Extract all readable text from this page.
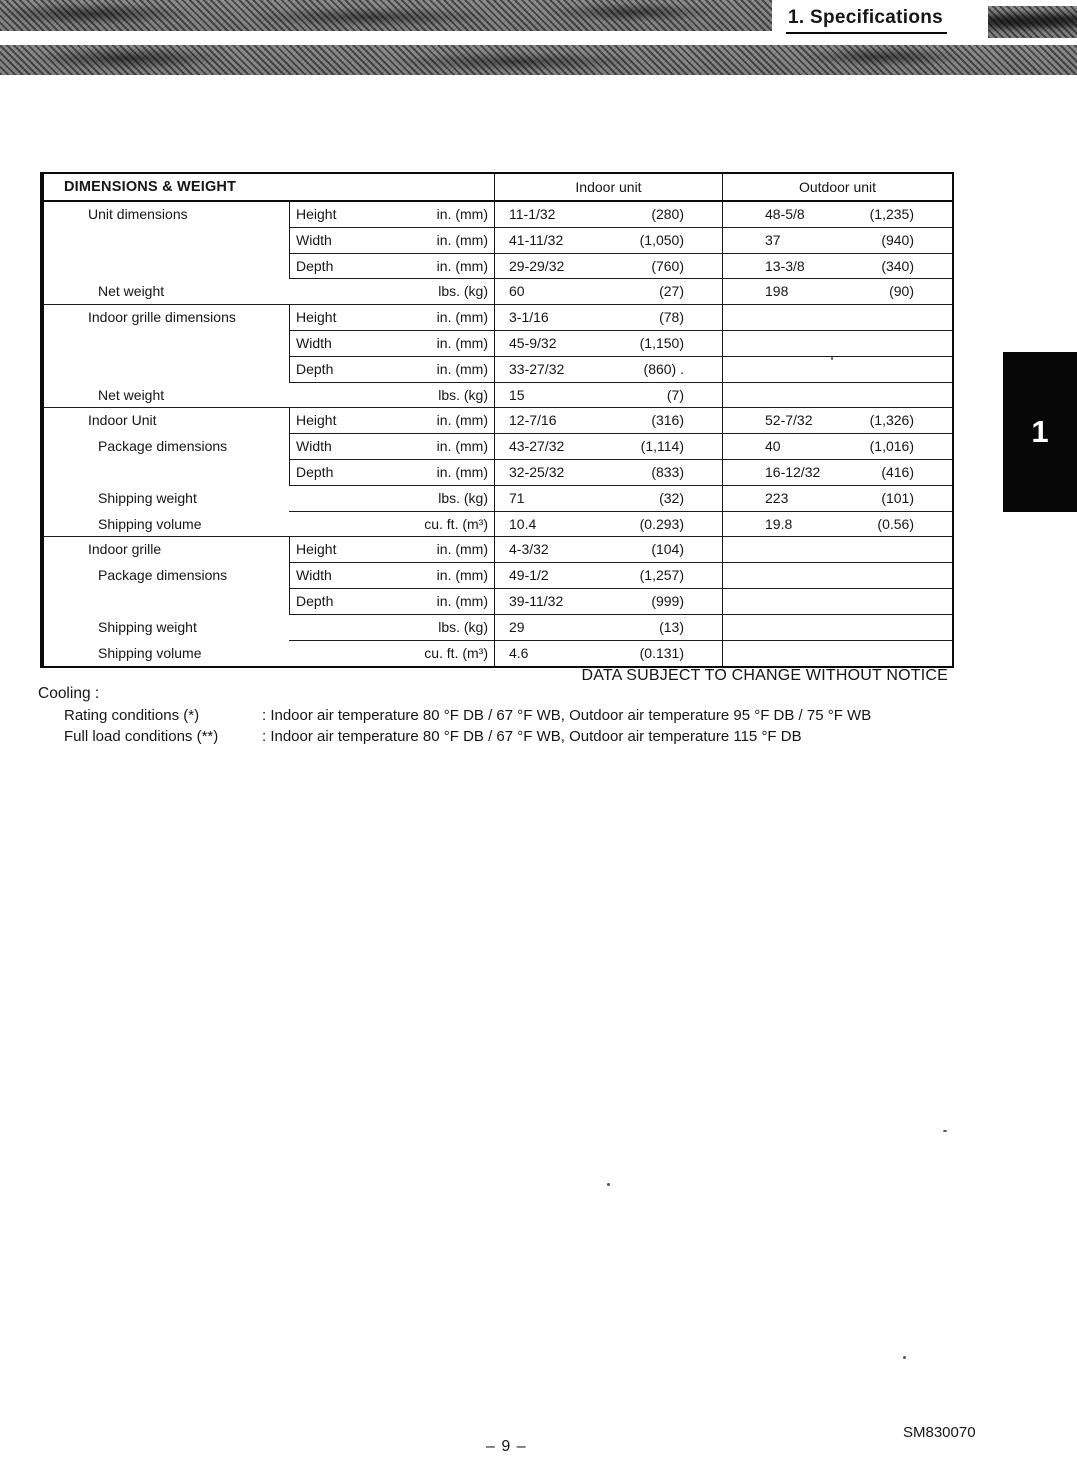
1. Specifications
1
DIMENSIONS & WEIGHT	Indoor unit	Outdoor unit
Unit dimensions	Height	in. (mm)	11-1/32	(280)	48-5/8	(1,235)
Width	in. (mm)	41-11/32	(1,050)	37	(940)
Depth	in. (mm)	29-29/32	(760)	13-3/8	(340)
Net weight	lbs. (kg)	60	(27)	198	(90)
Indoor grille dimensions	Height	in. (mm)	3-1/16	(78)
Width	in. (mm)	45-9/32	(1,150)
Depth	in. (mm)	33-27/32	(860) .
Net weight	lbs. (kg)	15	(7)
Indoor Unit	Height	in. (mm)	12-7/16	(316)	52-7/32	(1,326)
Package dimensions	Width	in. (mm)	43-27/32	(1,114)	40	(1,016)
Depth	in. (mm)	32-25/32	(833)	16-12/32	(416)
Shipping weight	lbs. (kg)	71	(32)	223	(101)
Shipping volume	cu. ft. (m³)	10.4	(0.293)	19.8	(0.56)
Indoor grille	Height	in. (mm)	4-3/32	(104)
Package dimensions	Width	in. (mm)	49-1/2	(1,257)
Depth	in. (mm)	39-11/32	(999)
Shipping weight	lbs. (kg)	29	(13)
Shipping volume	cu. ft. (m³)	4.6	(0.131)
DATA SUBJECT TO CHANGE WITHOUT NOTICE
Cooling :
Rating conditions (*)	: Indoor air temperature 80 °F DB / 67 °F WB, Outdoor air temperature 95 °F DB / 75 °F WB
Full load conditions (**)	: Indoor air temperature 80 °F DB / 67 °F WB, Outdoor air temperature 115 °F DB
SM830070
– 9 –
